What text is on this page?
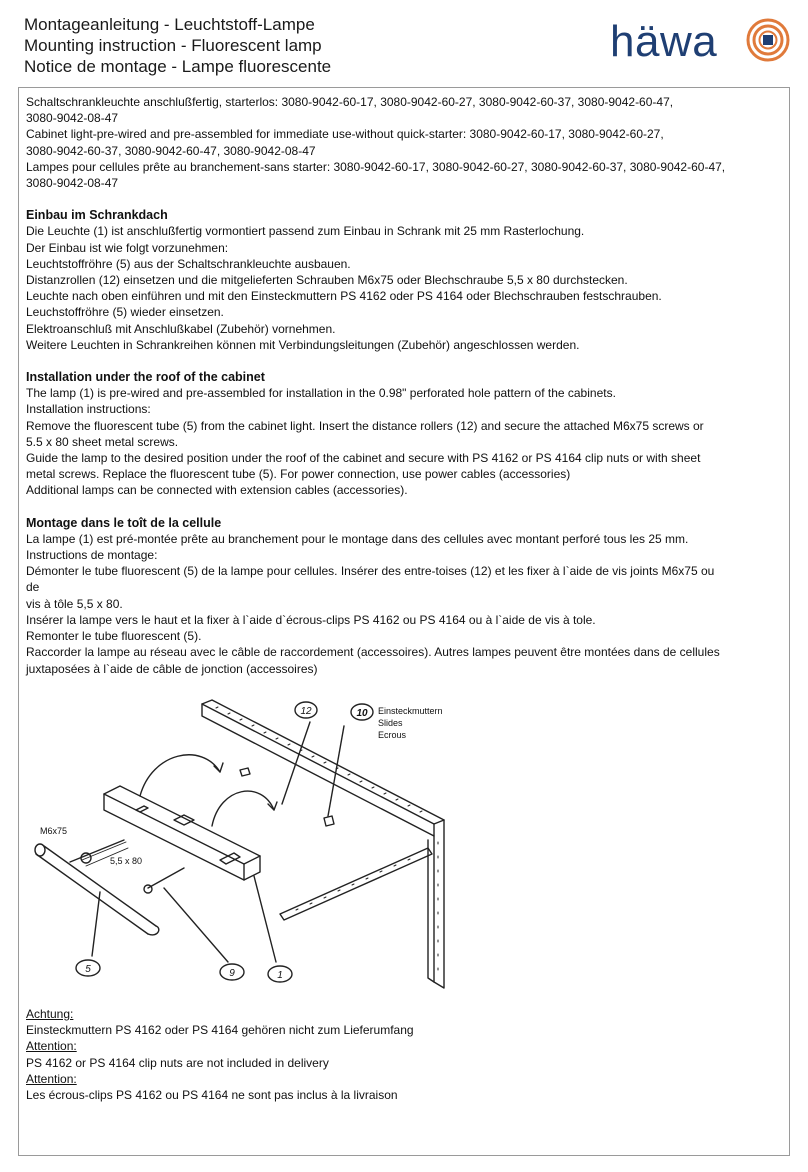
Montageanleitung - Leuchtstoff-Lampe
Mounting instruction - Fluorescent lamp
Notice de montage - Lampe fluorescente
häwa

Schaltschrankleuchte anschlußfertig, starterlos: 3080-9042-60-17, 3080-9042-60-27, 3080-9042-60-37, 3080-9042-60-47,

3080-9042-08-47

Cabinet light-pre-wired and pre-assembled for immediate use-without quick-starter: 3080-9042-60-17, 3080-9042-60-27,

3080-9042-60-37, 3080-9042-60-47, 3080-9042-08-47

Lampes pour cellules prête au branchement-sans starter: 3080-9042-60-17, 3080-9042-60-27, 3080-9042-60-37, 3080-9042-60-47,

3080-9042-08-47

Einbau im Schrankdach

Die Leuchte (1) ist anschlußfertig vormontiert passend zum Einbau in Schrank mit 25 mm Rasterlochung.

Der Einbau ist wie folgt vorzunehmen:

Leuchtstoffröhre (5) aus der Schaltschrankleuchte ausbauen.

Distanzrollen (12) einsetzen und die mitgelieferten Schrauben M6x75 oder Blechschraube 5,5 x 80 durchstecken.

Leuchte nach oben einführen und mit den Einsteckmuttern PS 4162 oder PS 4164 oder Blechschrauben festschrauben.

Leuchstoffröhre (5) wieder einsetzen.

Elektroanschluß mit Anschlußkabel (Zubehör) vornehmen.

Weitere Leuchten in Schrankreihen können mit Verbindungsleitungen (Zubehör) angeschlossen werden.

Installation under the roof of the cabinet

The lamp (1) is pre-wired and pre-assembled for installation in the 0.98" perforated hole pattern of the cabinets.

Installation instructions:

Remove the fluorescent tube (5) from the cabinet light. Insert the distance rollers (12) and secure the attached M6x75 screws or

5.5 x 80 sheet metal screws.

Guide the lamp to the desired position under the roof of the cabinet and secure with PS 4162 or PS 4164 clip nuts or with sheet

metal screws. Replace the fluorescent tube (5). For power connection, use power cables (accessories)

Additional lamps can be connected with extension cables (accessories).

Montage dans le toît de la cellule

La lampe (1) est pré-montée prête au branchement pour le montage dans des cellules avec montant perforé tous les 25 mm.

Instructions de montage:

Démonter le tube fluorescent (5) de la lampe pour cellules. Insérer des entre-toises (12) et les fixer à l`aide de vis joints M6x75 ou de

vis à tôle 5,5 x 80.

Insérer la lampe vers le haut et la fixer à l`aide d`écrous-clips PS 4162 ou PS 4164 ou à l`aide de vis à tole.

Remonter le tube fluorescent (5).

Raccorder la lampe au réseau avec le câble de raccordement (accessoires). Autres lampes peuvent être montées dans de cellules

juxtaposées à l`aide de câble de jonction (accessoires)

12	10 Einsteckmuttern
Slides
Ecrous
M6x75
5,5 x 80
5	9	1

Achtung:

Einsteckmuttern PS 4162 oder PS 4164 gehören nicht zum Lieferumfang

Attention:

PS 4162 or PS 4164 clip nuts are not included in delivery

Attention:

Les écrous-clips PS 4162 ou PS 4164 ne sont pas inclus à la livraison
